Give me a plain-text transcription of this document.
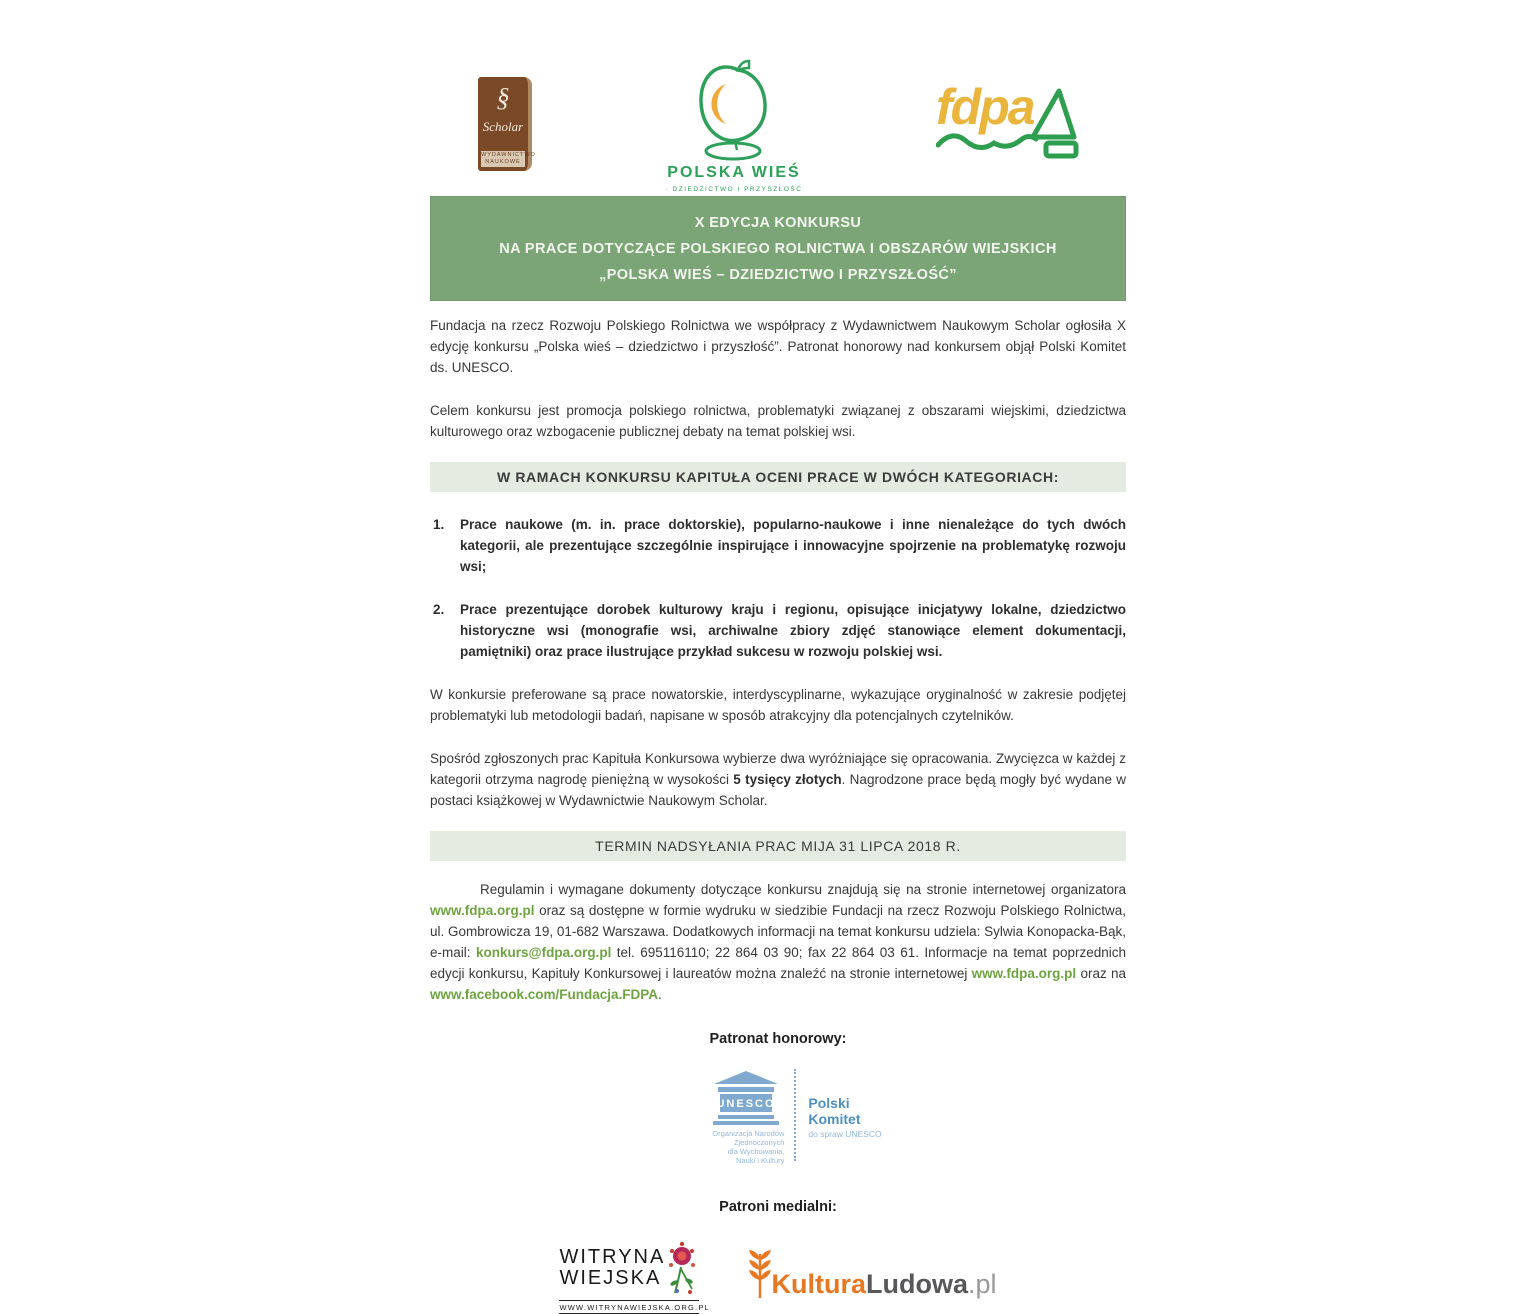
§
Scholar
WYDAWNICTWO
NAUKOWE
POLSKA WIEŚ
· DZIEDZICTWO I PRZYSZŁOŚĆ
fdpa
X EDYCJA KONKURSU
NA PRACE DOTYCZĄCE POLSKIEGO ROLNICTWA I OBSZARÓW WIEJSKICH
„POLSKA WIEŚ – DZIEDZICTWO I PRZYSZŁOŚĆ”
Fundacja na rzecz Rozwoju Polskiego Rolnictwa we współpracy z Wydawnictwem Naukowym Scholar ogłosiła X edycję konkursu „Polska wieś – dziedzictwo i przyszłość”. Patronat honorowy nad konkursem objął Polski Komitet ds. UNESCO.
Celem konkursu jest promocja polskiego rolnictwa, problematyki związanej z obszarami wiejskimi, dziedzictwa kulturowego oraz wzbogacenie publicznej debaty na temat polskiej wsi.
W RAMACH KONKURSU KAPITUŁA OCENI PRACE W DWÓCH KATEGORIACH:
1. Prace naukowe (m. in. prace doktorskie), popularno-naukowe i inne nienależące do tych dwóch kategorii, ale prezentujące szczególnie inspirujące i innowacyjne spojrzenie na problematykę rozwoju wsi;
2. Prace prezentujące dorobek kulturowy kraju i regionu, opisujące inicjatywy lokalne, dziedzictwo historyczne wsi (monografie wsi, archiwalne zbiory zdjęć stanowiące element dokumentacji, pamiętniki) oraz prace ilustrujące przykład sukcesu w rozwoju polskiej wsi.
W konkursie preferowane są prace nowatorskie, interdyscyplinarne, wykazujące oryginalność w zakresie podjętej problematyki lub metodologii badań, napisane w sposób atrakcyjny dla potencjalnych czytelników.
Spośród zgłoszonych prac Kapituła Konkursowa wybierze dwa wyróżniające się opracowania. Zwycięzca w każdej z kategorii otrzyma nagrodę pieniężną w wysokości 5 tysięcy złotych. Nagrodzone prace będą mogły być wydane w postaci książkowej w Wydawnictwie Naukowym Scholar.
TERMIN NADSYŁANIA PRAC MIJA 31 LIPCA 2018 R.
Regulamin i wymagane dokumenty dotyczące konkursu znajdują się na stronie internetowej organizatora www.fdpa.org.pl oraz są dostępne w formie wydruku w siedzibie Fundacji na rzecz Rozwoju Polskiego Rolnictwa, ul. Gombrowicza 19, 01-682 Warszawa. Dodatkowych informacji na temat konkursu udziela: Sylwia Konopacka-Bąk, e-mail: konkurs@fdpa.org.pl tel. 695116110; 22 864 03 90; fax 22 864 03 61. Informacje na temat poprzednich edycji konkursu, Kapituły Konkursowej i laureatów można znaleźć na stronie internetowej www.fdpa.org.pl oraz na www.facebook.com/Fundacja.FDPA.
Patronat honorowy:
UNESCO
Organizacja Narodów
Zjednoczonych
dla Wychowania,
Nauki i Kultury
Polski
Komitet
do spraw UNESCO
Patroni medialni:
WITRYNA
WIEJSKA
WWW.WITRYNAWIEJSKA.ORG.PL
Kultura Ludowa .pl
